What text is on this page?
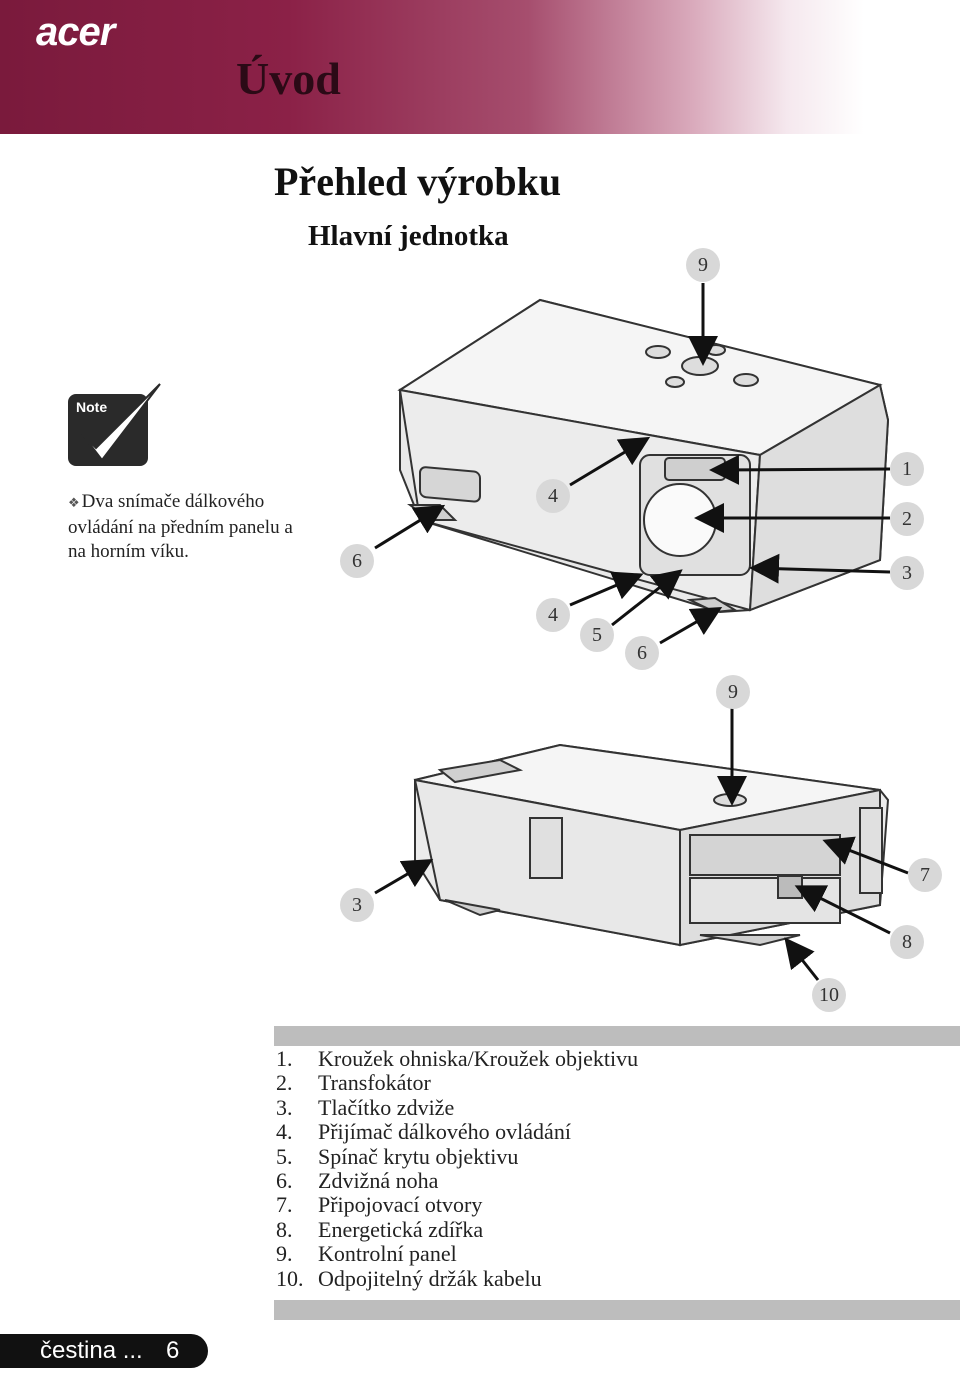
acer
Úvod
Přehled výrobku
Hlavní jednotka
Note
❖ Dva snímače dálkového ovládání na předním panelu a na horním víku.
9
1
2
3
4
6
4
5
6
9
7
3
8
10
1.	Kroužek ohniska/Kroužek objektivu
2.	Transfokátor
3.	Tlačítko zdviže
4.	Přijímač dálkového ovládání
5.	Spínač krytu objektivu
6.	Zdvižná noha
7.	Připojovací otvory
8.	Energetická zdířka
9.	Kontrolní panel
10. Odpojitelný držák kabelu
čestina ... 6
